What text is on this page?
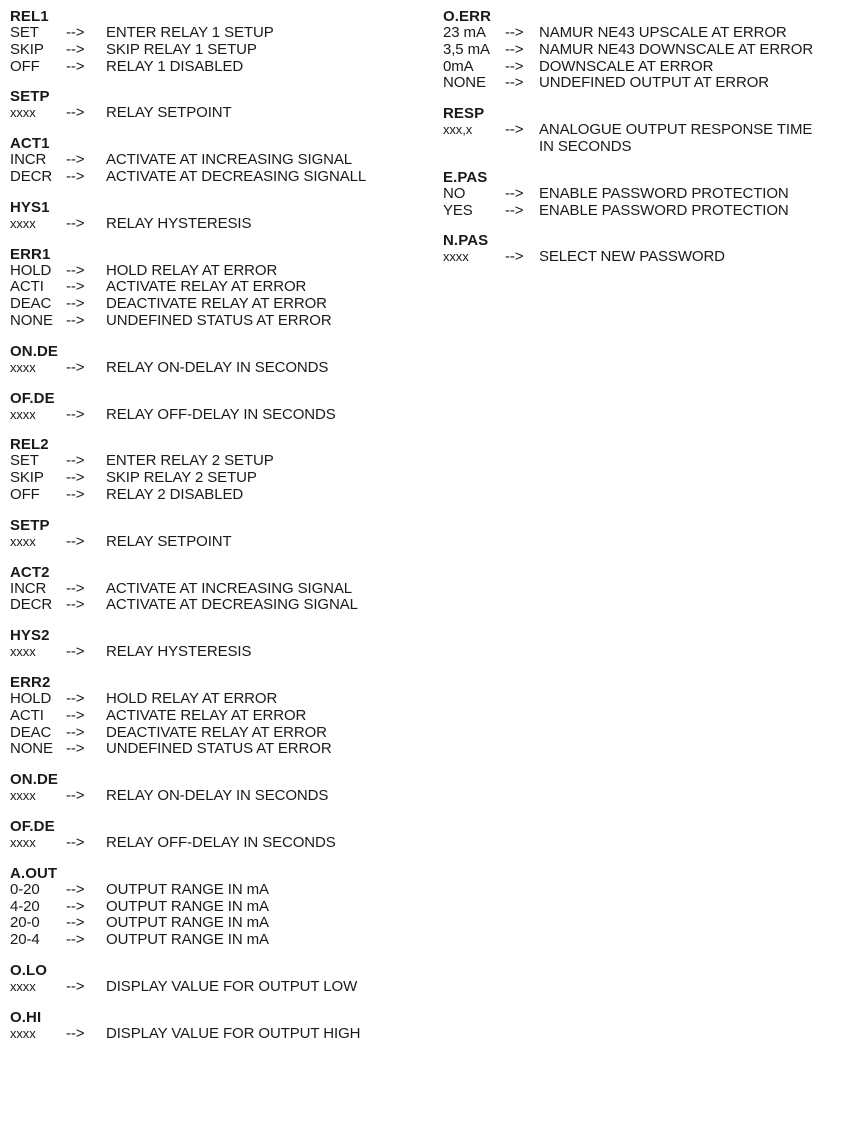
REL1
SET	-->	ENTER RELAY 1 SETUP
SKIP	-->	SKIP RELAY 1 SETUP
OFF	-->	RELAY 1 DISABLED
SETP
xxxx	-->	RELAY SETPOINT
ACT1
INCR	-->	ACTIVATE AT INCREASING SIGNAL
DECR -->	ACTIVATE AT DECREASING SIGNALL
HYS1
xxxx	-->	RELAY HYSTERESIS
ERR1
HOLD -->	HOLD RELAY AT ERROR
ACTI	-->	ACTIVATE RELAY AT ERROR
DEAC -->	DEACTIVATE RELAY AT ERROR
NONE -->	UNDEFINED STATUS AT ERROR
ON.DE
xxxx	-->	RELAY ON-DELAY IN SECONDS
OF.DE
xxxx	-->	RELAY OFF-DELAY IN SECONDS
REL2
SET	-->	ENTER RELAY 2 SETUP
SKIP	-->	SKIP RELAY 2 SETUP
OFF	-->	RELAY 2 DISABLED
SETP
xxxx	-->	RELAY SETPOINT
ACT2
INCR	-->	ACTIVATE AT INCREASING SIGNAL
DECR -->	ACTIVATE AT DECREASING SIGNAL
HYS2
xxxx	-->	RELAY HYSTERESIS
ERR2
HOLD -->	HOLD RELAY AT ERROR
ACTI	-->	ACTIVATE RELAY AT ERROR
DEAC -->	DEACTIVATE RELAY AT ERROR
NONE -->	UNDEFINED STATUS AT ERROR
ON.DE
xxxx	-->	RELAY ON-DELAY IN SECONDS
OF.DE
xxxx	-->	RELAY OFF-DELAY IN SECONDS
A.OUT
0-20	-->	OUTPUT RANGE IN mA
4-20	-->	OUTPUT RANGE IN mA
20-0	-->	OUTPUT RANGE IN mA
20-4	-->	OUTPUT RANGE IN mA
O.LO
xxxx	-->	DISPLAY VALUE FOR OUTPUT LOW
O.HI
xxxx	-->	DISPLAY VALUE FOR OUTPUT HIGH
O.ERR
23 mA	-->	NAMUR NE43 UPSCALE AT ERROR
3,5 mA	-->	NAMUR NE43 DOWNSCALE AT ERROR
0mA	-->	DOWNSCALE AT ERROR
NONE	-->	UNDEFINED OUTPUT AT ERROR
RESP
xxx,x	-->	ANALOGUE OUTPUT RESPONSE TIME
IN SECONDS
E.PAS
NO	-->	ENABLE PASSWORD PROTECTION
YES	-->	ENABLE PASSWORD PROTECTION
N.PAS
xxxx	-->	SELECT NEW PASSWORD
